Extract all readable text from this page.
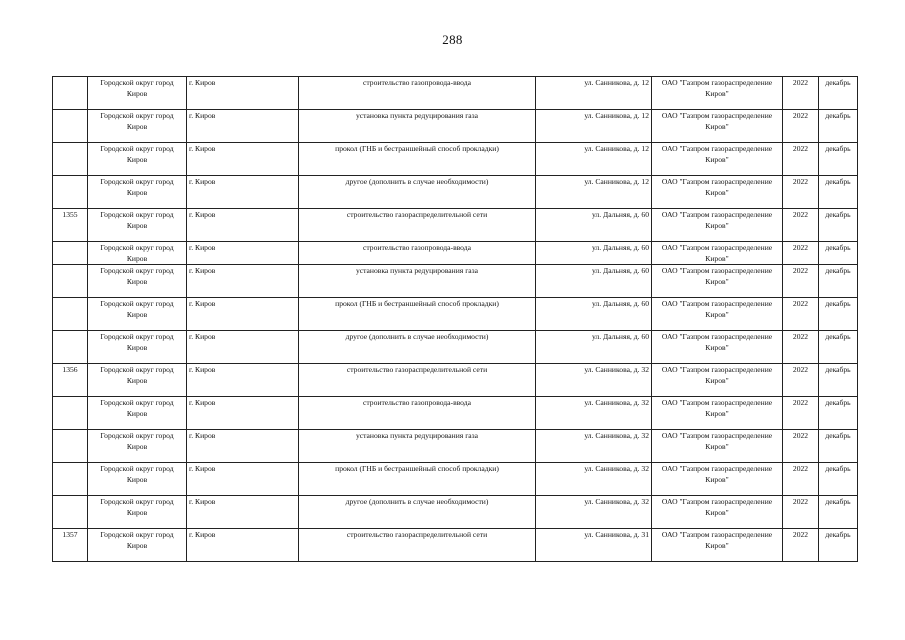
288
	Городской округ город Киров	г. Киров	строительство газопровода-ввода	ул. Санникова, д. 12	ОАО "Газпром газораспределение Киров"	2022	декабрь
	Городской округ город Киров	г. Киров	установка пункта редуцирования газа	ул. Санникова, д. 12	ОАО "Газпром газораспределение Киров"	2022	декабрь
	Городской округ город Киров	г. Киров	прокол (ГНБ и бестраншейный способ прокладки)	ул. Санникова, д. 12	ОАО "Газпром газораспределение Киров"	2022	декабрь
	Городской округ город Киров	г. Киров	другое (дополнить в случае необходимости)	ул. Санникова, д. 12	ОАО "Газпром газораспределение Киров"	2022	декабрь
1355	Городской округ город Киров	г. Киров	строительство газораспределительной сети	ул. Дальняя, д. 60	ОАО "Газпром газораспределение Киров"	2022	декабрь
	Городской округ город Киров	г. Киров	строительство газопровода-ввода	ул. Дальняя, д. 60	ОАО "Газпром газораспределение Киров"	2022	декабрь
	Городской округ город Киров	г. Киров	установка пункта редуцирования газа	ул. Дальняя, д. 60	ОАО "Газпром газораспределение Киров"	2022	декабрь
	Городской округ город Киров	г. Киров	прокол (ГНБ и бестраншейный способ прокладки)	ул. Дальняя, д. 60	ОАО "Газпром газораспределение Киров"	2022	декабрь
	Городской округ город Киров	г. Киров	другое (дополнить в случае необходимости)	ул. Дальняя, д. 60	ОАО "Газпром газораспределение Киров"	2022	декабрь
1356	Городской округ город Киров	г. Киров	строительство газораспределительной сети	ул. Санникова, д. 32	ОАО "Газпром газораспределение Киров"	2022	декабрь
	Городской округ город Киров	г. Киров	строительство газопровода-ввода	ул. Санникова, д. 32	ОАО "Газпром газораспределение Киров"	2022	декабрь
	Городской округ город Киров	г. Киров	установка пункта редуцирования газа	ул. Санникова, д. 32	ОАО "Газпром газораспределение Киров"	2022	декабрь
	Городской округ город Киров	г. Киров	прокол (ГНБ и бестраншейный способ прокладки)	ул. Санникова, д. 32	ОАО "Газпром газораспределение Киров"	2022	декабрь
	Городской округ город Киров	г. Киров	другое (дополнить в случае необходимости)	ул. Санникова, д. 32	ОАО "Газпром газораспределение Киров"	2022	декабрь
1357	Городской округ город Киров	г. Киров	строительство газораспределительной сети	ул. Санникова, д. 31	ОАО "Газпром газораспределение Киров"	2022	декабрь
